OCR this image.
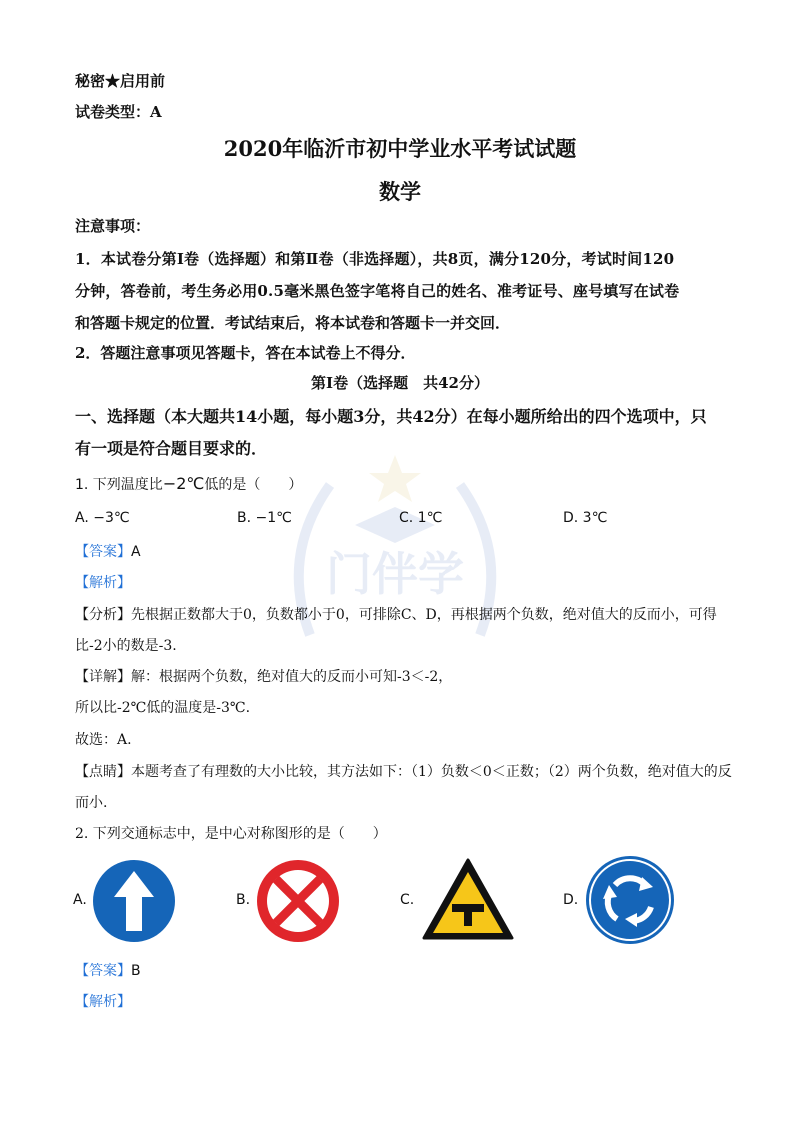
秘密★启用前
试卷类型：A
2020年临沂市初中学业水平考试试题
数学
注意事项：
1．本试卷分第Ⅰ卷（选择题）和第Ⅱ卷（非选择题），共8页，满分120分，考试时间120
分钟，答卷前，考生务必用0.5毫米黑色签字笔将自己的姓名、准考证号、座号填写在试卷
和答题卡规定的位置．考试结束后，将本试卷和答题卡一并交回．
2．答题注意事项见答题卡，答在本试卷上不得分．
第Ⅰ卷（选择题　共42分）
一、选择题（本大题共14小题，每小题3分，共42分）在每小题所给出的四个选项中，只
有一项是符合题目要求的．
门伴学
1. 下列温度比−2℃低的是（　　）
A. −3℃	B. −1℃	C. 1℃	D. 3℃
【答案】A
【解析】
【分析】先根据正数都大于0，负数都小于0，可排除C、D，再根据两个负数，绝对值大的反而小，可得
比-2小的数是-3.
【详解】解：根据两个负数，绝对值大的反而小可知-3＜-2，
所以比-2℃低的温度是-3℃.
故选：A.
【点睛】本题考查了有理数的大小比较，其方法如下：（1）负数＜0＜正数；（2）两个负数，绝对值大的反
而小.
2. 下列交通标志中，是中心对称图形的是（　　）
A.	B.	C.	D.
【答案】B
【解析】
